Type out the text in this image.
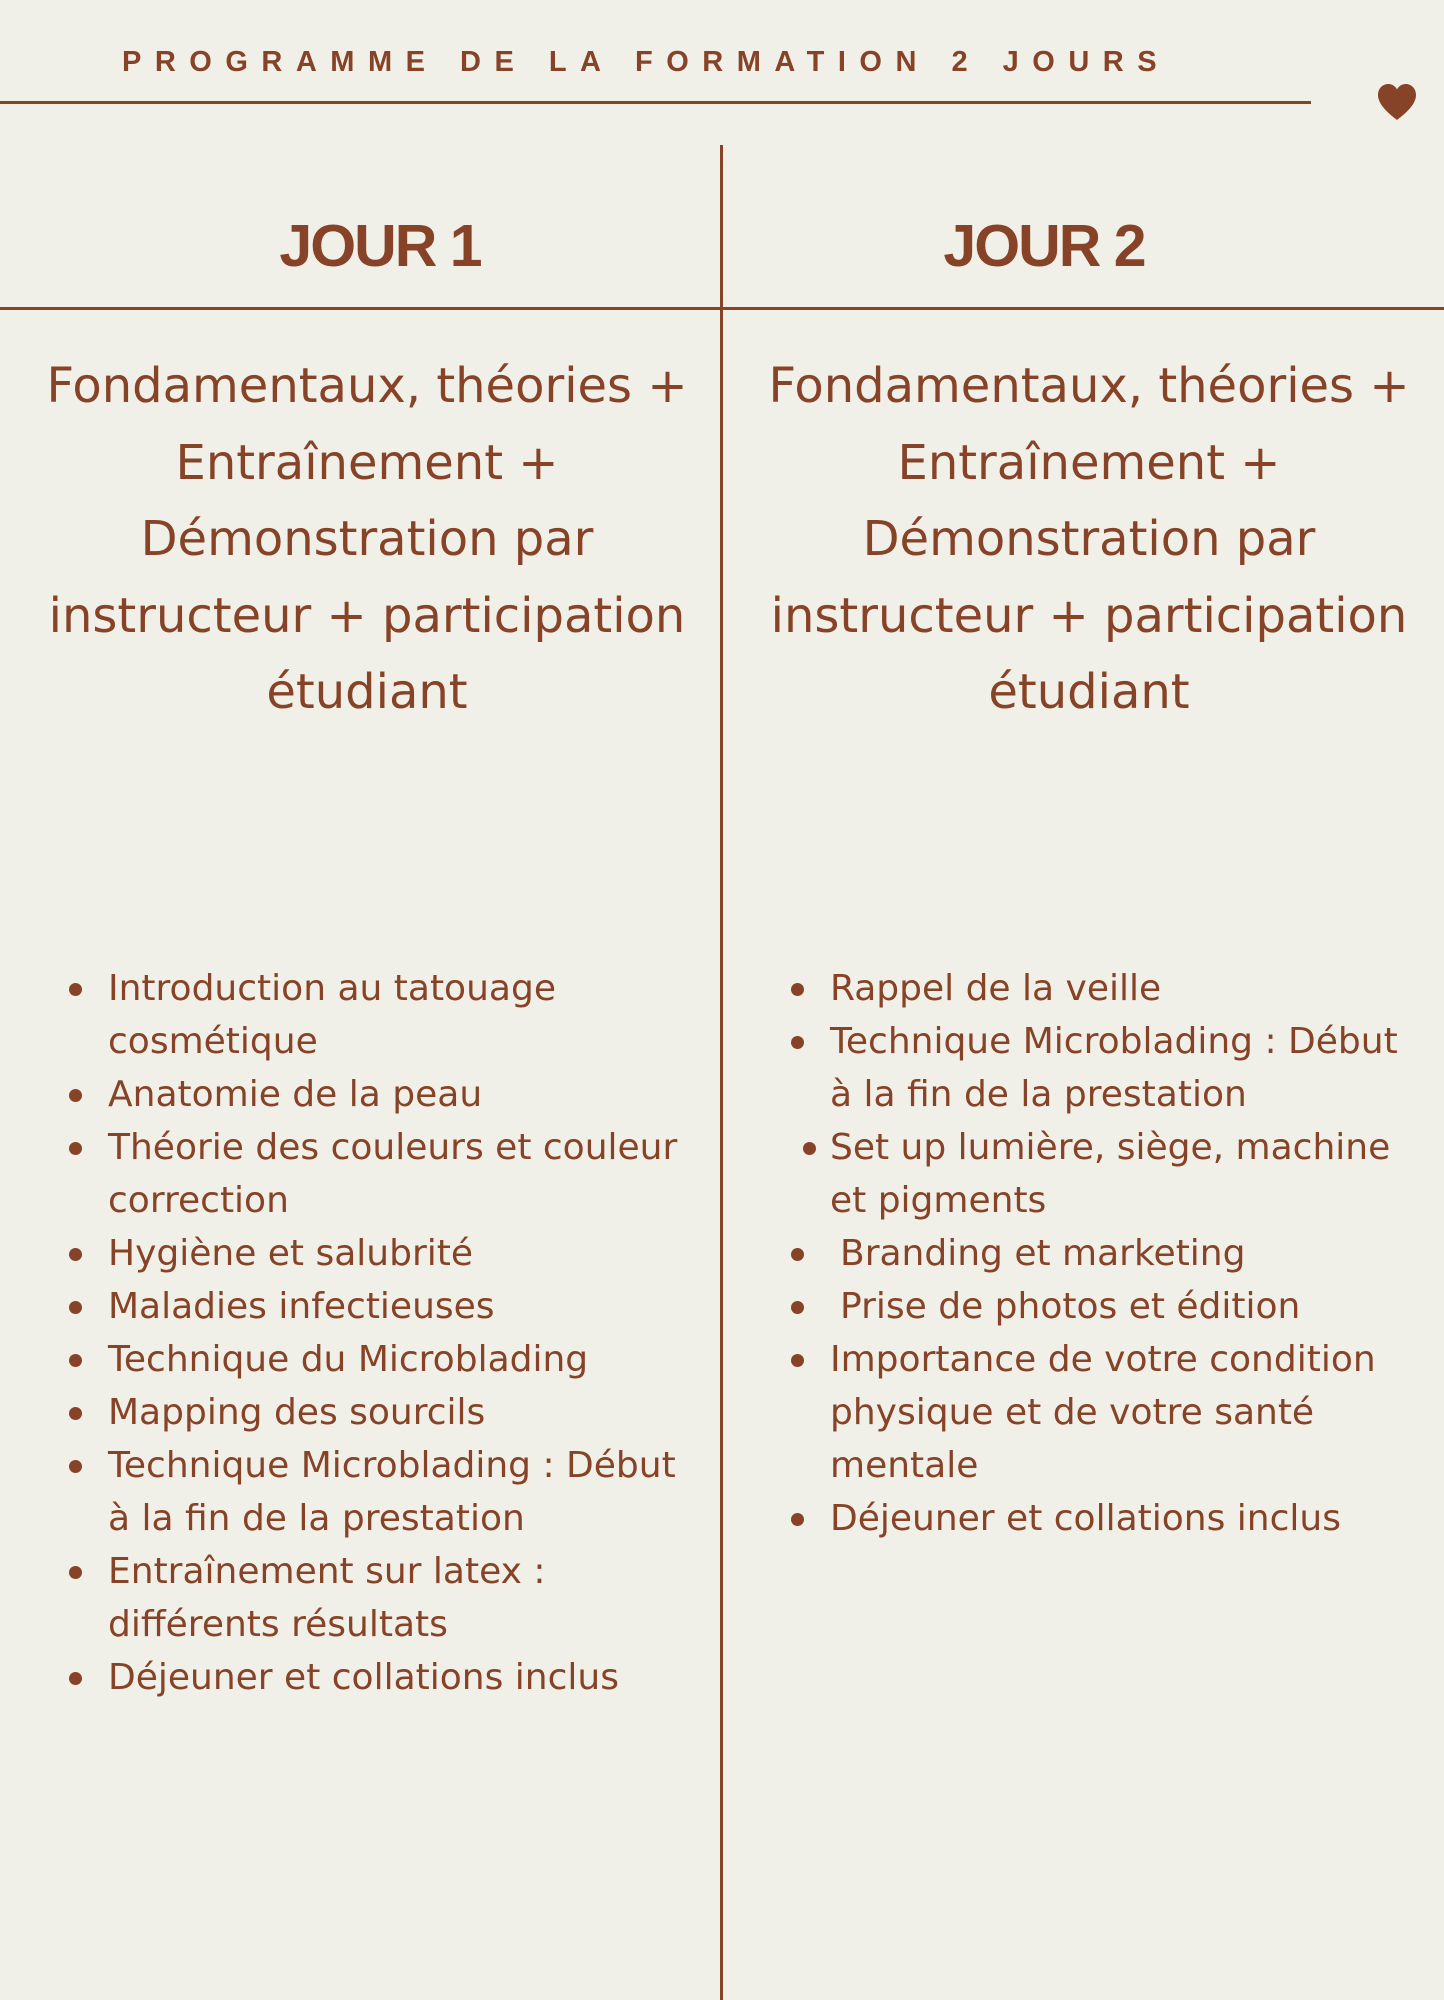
PROGRAMME DE LA FORMATION 2 JOURS
JOUR 1	JOUR 2
Fondamentaux, théories + Entraînement + Démonstration par instructeur + participation étudiant
Fondamentaux, théories + Entraînement + Démonstration par instructeur + participation étudiant
Introduction au tatouage cosmétique
Anatomie de la peau
Théorie des couleurs et couleur correction
Hygiène et salubrité
Maladies infectieuses
Technique du Microblading
Mapping des sourcils
Technique Microblading : Début à la fin de la prestation
Entraînement sur latex : différents résultats
Déjeuner et collations inclus
Rappel de la veille
Technique Microblading : Début à la fin de la prestation
Set up lumière, siège, machine et pigments
Branding et marketing
Prise de photos et édition
Importance de votre condition physique et de votre santé mentale
Déjeuner et collations inclus
